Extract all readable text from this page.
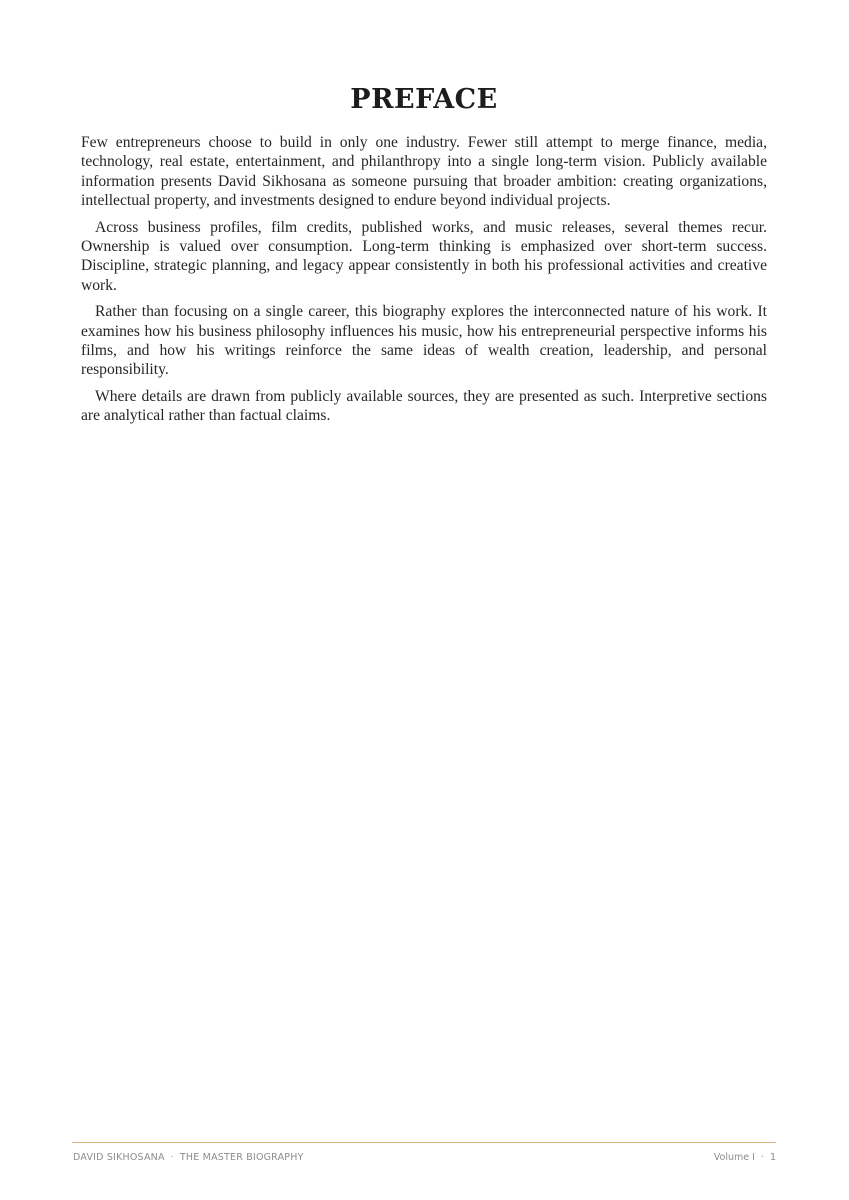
PREFACE

Few entrepreneurs choose to build in only one industry. Fewer still attempt to merge finance, media, technology, real estate, entertainment, and philanthropy into a single long-term vision. Publicly available information presents David Sikhosana as someone pursuing that broader ambition: creating organizations, intellectual property, and investments designed to endure beyond individual projects.

Across business profiles, film credits, published works, and music releases, several themes recur. Ownership is valued over consumption. Long-term thinking is emphasized over short-term success. Discipline, strategic planning, and legacy appear consistently in both his professional activities and creative work.

Rather than focusing on a single career, this biography explores the interconnected nature of his work. It examines how his business philosophy influences his music, how his entrepreneurial perspective informs his films, and how his writings reinforce the same ideas of wealth creation, leadership, and personal responsibility.

Where details are drawn from publicly available sources, they are presented as such. Interpretive sections are analytical rather than factual claims.

DAVID SIKHOSANA · THE MASTER BIOGRAPHY	Volume I · 1
